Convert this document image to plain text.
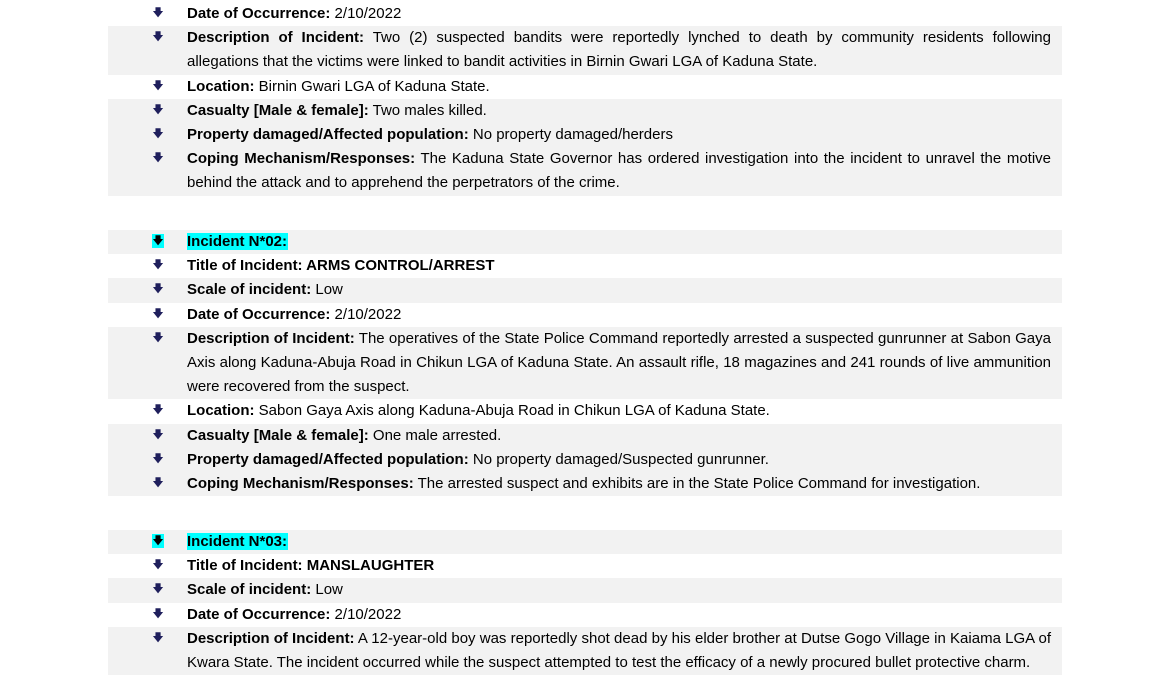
🡇 Date of Occurrence: 2/10/2022
🡇 Description of Incident: Two (2) suspected bandits were reportedly lynched to death by community residents following allegations that the victims were linked to bandit activities in Birnin Gwari LGA of Kaduna State.
🡇 Location: Birnin Gwari LGA of Kaduna State.
🡇 Casualty [Male & female]: Two males killed.
🡇 Property damaged/Affected population: No property damaged/herders
🡇 Coping Mechanism/Responses: The Kaduna State Governor has ordered investigation into the incident to unravel the motive behind the attack and to apprehend the perpetrators of the crime.
🡇 Incident N*02:
🡇 Title of Incident: ARMS CONTROL/ARREST
🡇 Scale of incident: Low
🡇 Date of Occurrence: 2/10/2022
🡇 Description of Incident: The operatives of the State Police Command reportedly arrested a suspected gunrunner at Sabon Gaya Axis along Kaduna-Abuja Road in Chikun LGA of Kaduna State. An assault rifle, 18 magazines and 241 rounds of live ammunition were recovered from the suspect.
🡇 Location: Sabon Gaya Axis along Kaduna-Abuja Road in Chikun LGA of Kaduna State.
🡇 Casualty [Male & female]: One male arrested.
🡇 Property damaged/Affected population: No property damaged/Suspected gunrunner.
🡇 Coping Mechanism/Responses: The arrested suspect and exhibits are in the State Police Command for investigation.
🡇 Incident N*03:
🡇 Title of Incident: MANSLAUGHTER
🡇 Scale of incident: Low
🡇 Date of Occurrence: 2/10/2022
🡇 Description of Incident: A 12-year-old boy was reportedly shot dead by his elder brother at Dutse Gogo Village in Kaiama LGA of Kwara State. The incident occurred while the suspect attempted to test the efficacy of a newly procured bullet protective charm.
